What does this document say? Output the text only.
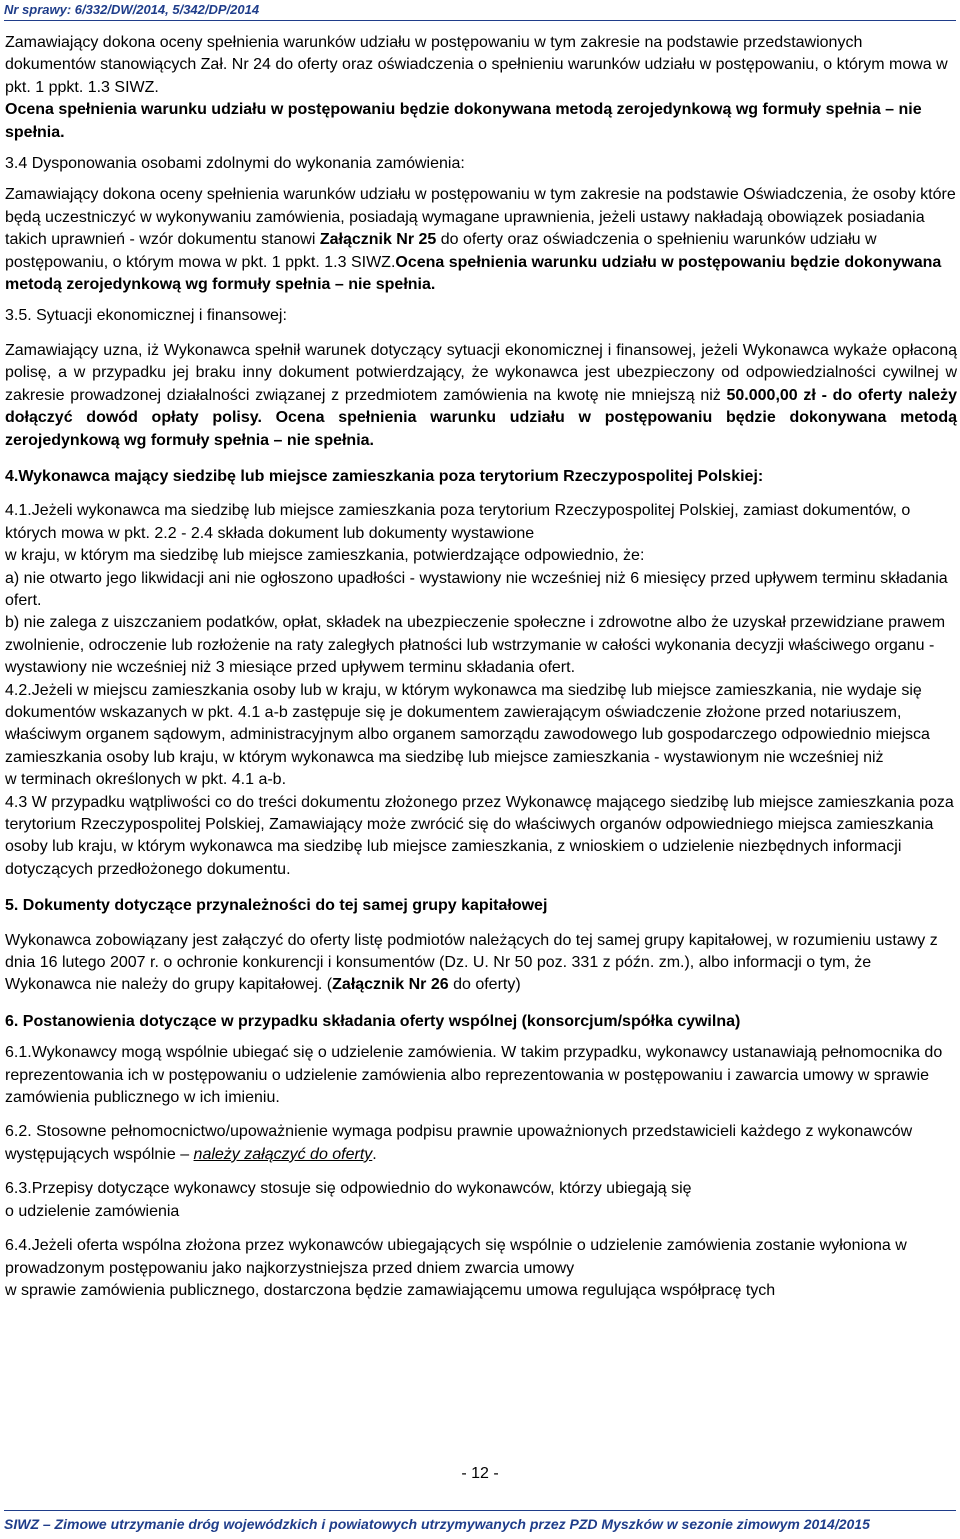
Nr sprawy: 6/332/DW/2014, 5/342/DP/2014

Zamawiający dokona oceny spełnienia warunków udziału w postępowaniu w tym zakresie na podstawie przedstawionych dokumentów stanowiących Zał. Nr 24 do oferty oraz oświadczenia o spełnieniu warunków udziału w postępowaniu, o którym mowa w pkt. 1 ppkt. 1.3 SIWZ.
Ocena spełnienia warunku udziału w postępowaniu będzie dokonywana metodą zerojedynkową wg formuły spełnia – nie spełnia.

3.4 Dysponowania osobami zdolnymi do wykonania zamówienia:

Zamawiający dokona oceny spełnienia warunków udziału w postępowaniu w tym zakresie na podstawie Oświadczenia, że osoby które będą uczestniczyć w wykonywaniu zamówienia, posiadają wymagane uprawnienia, jeżeli ustawy nakładają obowiązek posiadania takich uprawnień - wzór dokumentu stanowi Załącznik Nr 25 do oferty oraz oświadczenia o spełnieniu warunków udziału w postępowaniu, o którym mowa w pkt. 1 ppkt. 1.3 SIWZ.Ocena spełnienia warunku udziału w postępowaniu będzie dokonywana metodą zerojedynkową wg formuły spełnia – nie spełnia.

3.5. Sytuacji ekonomicznej i finansowej:

Zamawiający uzna, iż Wykonawca spełnił warunek dotyczący sytuacji ekonomicznej i finansowej, jeżeli Wykonawca wykaże opłaconą polisę, a w przypadku jej braku inny dokument potwierdzający, że wykonawca jest ubezpieczony od odpowiedzialności cywilnej w zakresie prowadzonej działalności związanej z przedmiotem zamówienia na kwotę nie mniejszą niż 50.000,00 zł - do oferty należy dołączyć dowód opłaty polisy. Ocena spełnienia warunku udziału w postępowaniu będzie dokonywana metodą zerojedynkową wg formuły spełnia – nie spełnia.

4.Wykonawca mający siedzibę lub miejsce zamieszkania poza terytorium Rzeczypospolitej Polskiej:

4.1.Jeżeli wykonawca ma siedzibę lub miejsce zamieszkania poza terytorium Rzeczypospolitej Polskiej, zamiast dokumentów, o których mowa w pkt. 2.2 - 2.4 składa dokument lub dokumenty wystawione
w kraju, w którym ma siedzibę lub miejsce zamieszkania, potwierdzające odpowiednio, że:
a) nie otwarto jego likwidacji ani nie ogłoszono upadłości - wystawiony nie wcześniej niż 6 miesięcy przed upływem terminu składania ofert.
b) nie zalega z uiszczaniem podatków, opłat, składek na ubezpieczenie społeczne i zdrowotne albo że uzyskał przewidziane prawem zwolnienie, odroczenie lub rozłożenie na raty zaległych płatności lub wstrzymanie w całości wykonania decyzji właściwego organu - wystawiony nie wcześniej niż 3 miesiące przed upływem terminu składania ofert.
4.2.Jeżeli w miejscu zamieszkania osoby lub w kraju, w którym wykonawca ma siedzibę lub miejsce zamieszkania, nie wydaje się dokumentów wskazanych w pkt. 4.1 a-b zastępuje się je dokumentem zawierającym oświadczenie złożone przed notariuszem, właściwym organem sądowym, administracyjnym albo organem samorządu zawodowego lub gospodarczego odpowiednio miejsca zamieszkania osoby lub kraju, w którym wykonawca ma siedzibę lub miejsce zamieszkania - wystawionym nie wcześniej niż
w terminach określonych w pkt. 4.1 a-b.
4.3 W przypadku wątpliwości co do treści dokumentu złożonego przez Wykonawcę mającego siedzibę lub miejsce zamieszkania poza terytorium Rzeczypospolitej Polskiej, Zamawiający może zwrócić się do właściwych organów odpowiedniego miejsca zamieszkania osoby lub kraju, w którym wykonawca ma siedzibę lub miejsce zamieszkania, z wnioskiem o udzielenie niezbędnych informacji dotyczących przedłożonego dokumentu.

5. Dokumenty dotyczące przynależności do tej samej grupy kapitałowej

Wykonawca zobowiązany jest załączyć do oferty listę podmiotów należących do tej samej grupy kapitałowej, w rozumieniu ustawy z dnia 16 lutego 2007 r. o ochronie konkurencji i konsumentów (Dz. U. Nr 50 poz. 331 z późn. zm.), albo informacji o tym, że Wykonawca nie należy do grupy kapitałowej. (Załącznik Nr 26 do oferty)

6. Postanowienia dotyczące w przypadku składania oferty wspólnej (konsorcjum/spółka cywilna)

6.1.Wykonawcy mogą wspólnie ubiegać się o udzielenie zamówienia. W takim przypadku, wykonawcy ustanawiają pełnomocnika do reprezentowania ich w postępowaniu o udzielenie zamówienia albo reprezentowania w postępowaniu i zawarcia umowy w sprawie zamówienia publicznego w ich imieniu.

6.2. Stosowne pełnomocnictwo/upoważnienie wymaga podpisu prawnie upoważnionych przedstawicieli każdego z wykonawców występujących wspólnie – należy załączyć do oferty.

6.3.Przepisy dotyczące wykonawcy stosuje się odpowiednio do wykonawców, którzy ubiegają się
o udzielenie zamówienia

6.4.Jeżeli oferta wspólna złożona przez wykonawców ubiegających się wspólnie o udzielenie zamówienia zostanie wyłoniona w prowadzonym postępowaniu jako najkorzystniejsza przed dniem zwarcia umowy
w sprawie zamówienia publicznego, dostarczona będzie zamawiającemu umowa regulująca współpracę tych

- 12 -
SIWZ – Zimowe utrzymanie dróg wojewódzkich i powiatowych utrzymywanych przez PZD Myszków w sezonie zimowym 2014/2015
